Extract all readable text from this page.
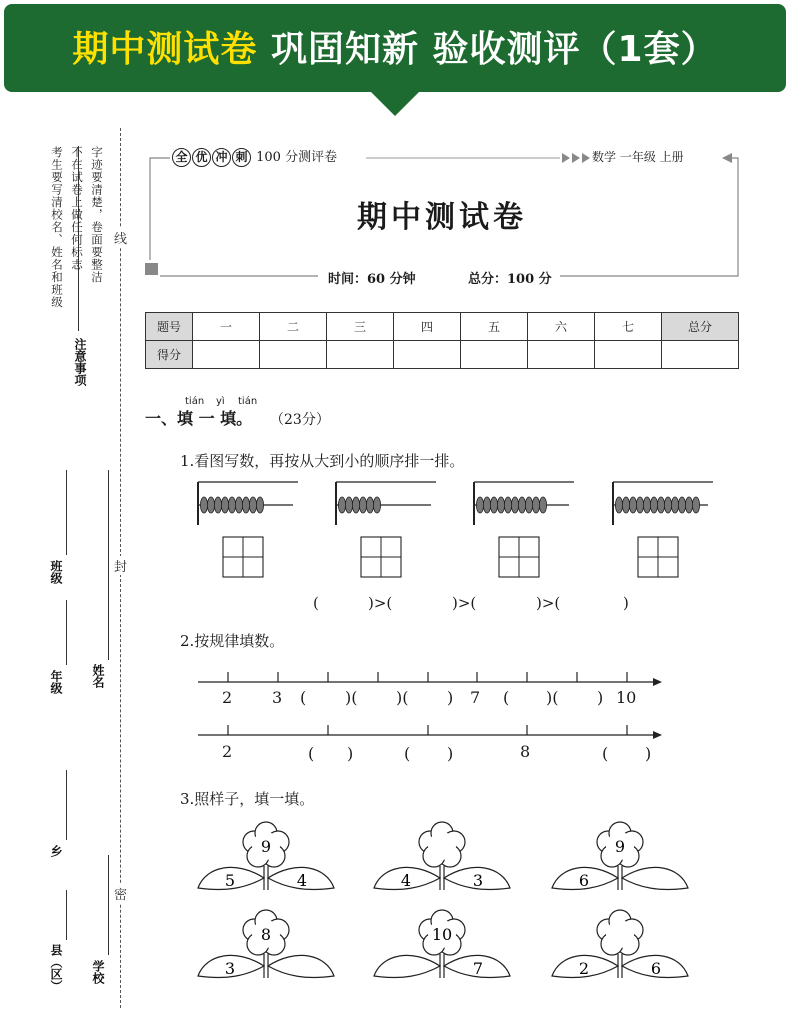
期中测试卷 巩固知新 验收测评（1套）
考生要写清校名、姓名和班级 不在试卷上做任何标志 字迹要清楚，卷面要整洁
注意事项
县（区）
乡
学校
年级
班级
姓名
线
封
密
全 优 冲 刺 100 分测评卷	数学 一年级 上册
期中测试卷
时间：60 分钟	总分：100 分
题号	一	二	三	四	五	六	七	总分
得分								
tián yì tián
一、填 一 填。 （23分）
1.看图写数，再按从大到小的顺序排一排。
(	)>(	)>(	)>(	)
2.按规律填数。
2 3 ( )( )( ) 7 ( )( ) 10
2	( )	( )	8	( )
3.照样子，填一填。
9
5	4	4	3
9
6
8
3
10
7	2	6
